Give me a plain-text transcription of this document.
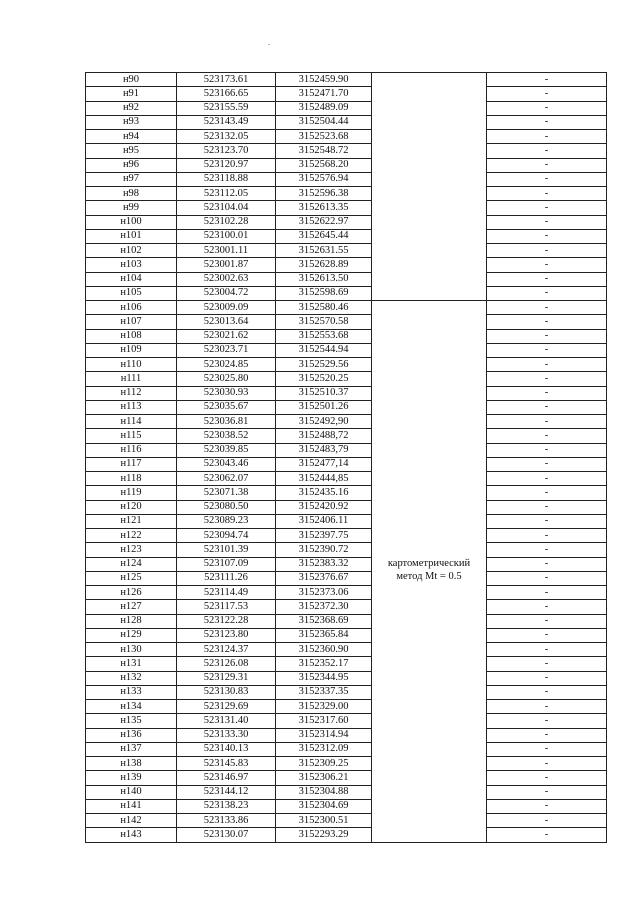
н90	523173.61	3152459.90		-
н91	523166.65	3152471.70		-
н92	523155.59	3152489.09		-
н93	523143.49	3152504.44		-
н94	523132.05	3152523.68		-
н95	523123.70	3152548.72		-
н96	523120.97	3152568.20		-
н97	523118.88	3152576.94		-
н98	523112.05	3152596.38		-
н99	523104.04	3152613.35		-
н100	523102.28	3152622.97		-
н101	523100.01	3152645.44		-
н102	523001.11	3152631.55		-
н103	523001.87	3152628.89		-
н104	523002.63	3152613.50		-
н105	523004.72	3152598.69		-
н106	523009.09	3152580.46		-
н107	523013.64	3152570.58		-
н108	523021.62	3152553.68		-
н109	523023.71	3152544.94		-
н110	523024.85	3152529.56		-
н111	523025.80	3152520.25		-
н112	523030.93	3152510.37		-
н113	523035.67	3152501.26		-
н114	523036.81	3152492,90		-
н115	523038.52	3152488,72		-
н116	523039.85	3152483,79		-
н117	523043.46	3152477,14		-
н118	523062.07	3152444,85		-
н119	523071.38	3152435.16		-
н120	523080.50	3152420.92		-
н121	523089.23	3152406.11		-
н122	523094.74	3152397.75		-
н123	523101.39	3152390.72		-
н124	523107.09	3152383.32	картометрический
метод Mt = 0.5	-
н125	523111.26	3152376.67		-
н126	523114.49	3152373.06		-
н127	523117.53	3152372.30		-
н128	523122.28	3152368.69		-
н129	523123.80	3152365.84		-
н130	523124.37	3152360.90		-
н131	523126.08	3152352.17		-
н132	523129.31	3152344.95		-
н133	523130.83	3152337.35		-
н134	523129.69	3152329.00		-
н135	523131.40	3152317.60		-
н136	523133.30	3152314.94		-
н137	523140.13	3152312.09		-
н138	523145.83	3152309.25		-
н139	523146.97	3152306.21		-
н140	523144.12	3152304.88		-
н141	523138.23	3152304.69		-
н142	523133.86	3152300.51		-
н143	523130.07	3152293.29		-
